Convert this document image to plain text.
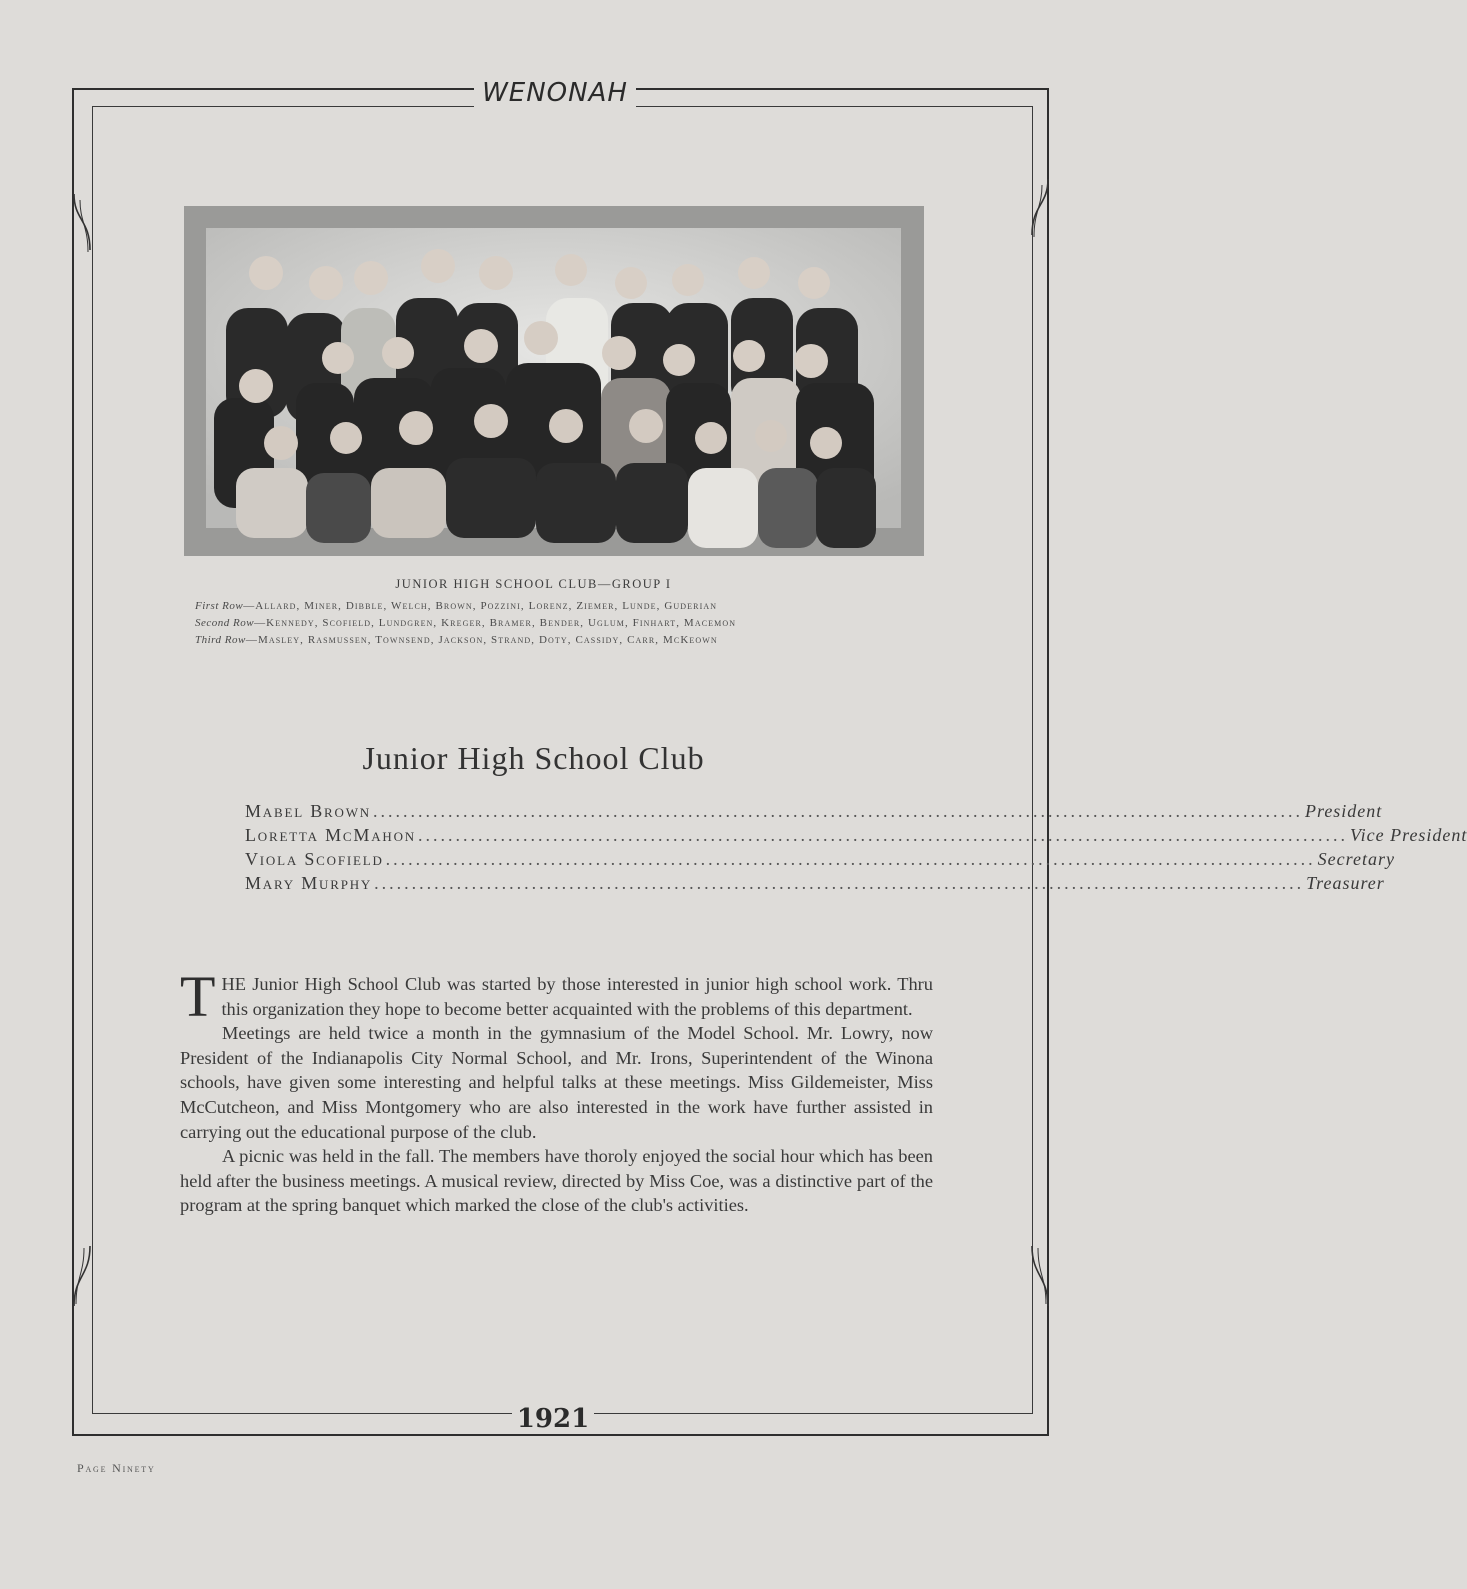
WENONAH
JUNIOR HIGH SCHOOL CLUB—GROUP I
First Row—Allard, Miner, Dibble, Welch, Brown, Pozzini, Lorenz, Ziemer, Lunde, Guderian
Second Row—Kennedy, Scofield, Lundgren, Kreger, Bramer, Bender, Uglum, Finhart, Macemon
Third Row—Masley, Rasmussen, Townsend, Jackson, Strand, Doty, Cassidy, Carr, McKeown
Junior High School Club
Mabel Brown ............................................................................................................................ President
Loretta McMahon ............................................................................................................................ Vice President
Viola Scofield ............................................................................................................................ Secretary
Mary Murphy ............................................................................................................................ Treasurer

THE Junior High School Club was started by those interested in junior high school work. Thru this organization they hope to become better acquainted with the problems of this department.

Meetings are held twice a month in the gymnasium of the Model School. Mr. Lowry, now President of the Indianapolis City Normal School, and Mr. Irons, Superintendent of the Winona schools, have given some interesting and helpful talks at these meetings. Miss Gildemeister, Miss McCutcheon, and Miss Montgomery who are also interested in the work have further assisted in carrying out the educational purpose of the club.

A picnic was held in the fall. The members have thoroly enjoyed the social hour which has been held after the business meetings. A musical review, directed by Miss Coe, was a distinctive part of the program at the spring banquet which marked the close of the club's activities.

1921
Page Ninety
